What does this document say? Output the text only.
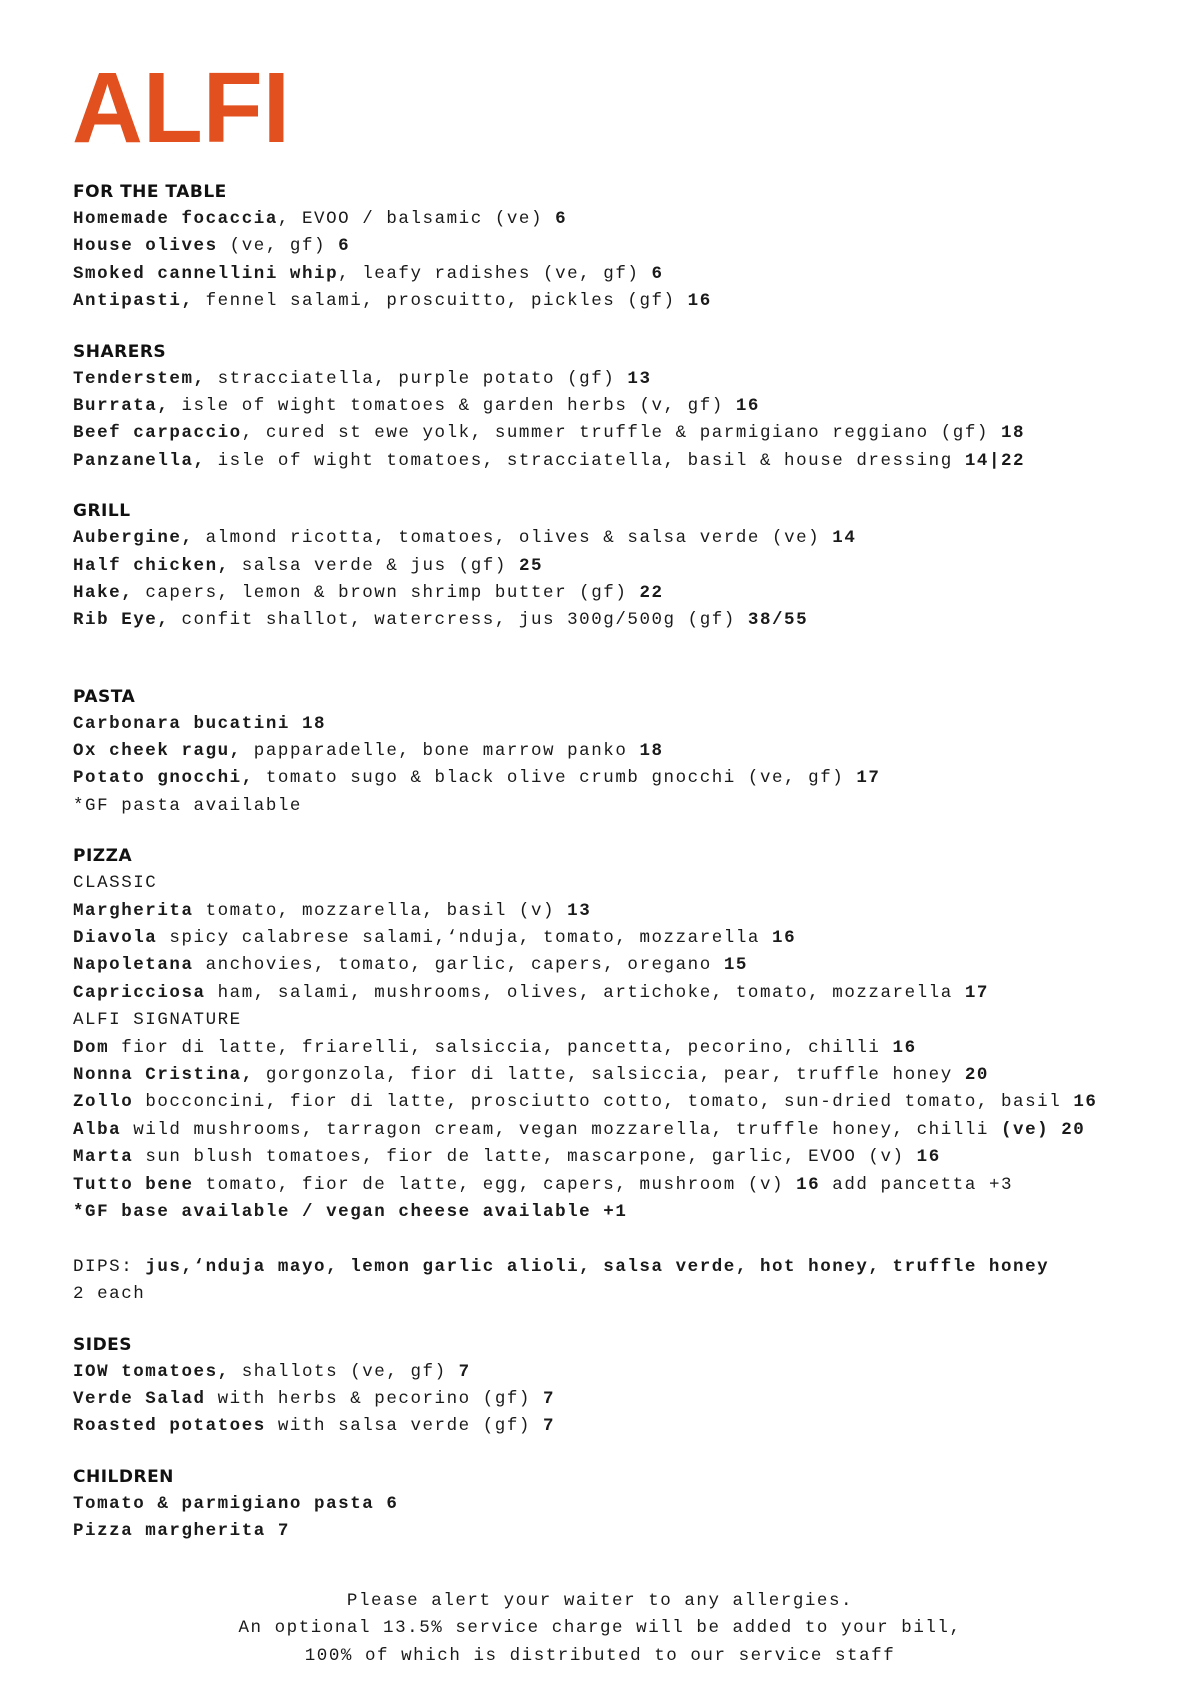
ALFI
FOR THE TABLE
Homemade focaccia, EVOO / balsamic (ve) 6
House olives (ve, gf) 6
Smoked cannellini whip, leafy radishes (ve, gf) 6
Antipasti, fennel salami, proscuitto, pickles (gf) 16
SHARERS
Tenderstem, stracciatella, purple potato (gf) 13
Burrata, isle of wight tomatoes & garden herbs (v, gf) 16
Beef carpaccio, cured st ewe yolk, summer truffle & parmigiano reggiano (gf) 18
Panzanella, isle of wight tomatoes, stracciatella, basil & house dressing 14|22
GRILL
Aubergine, almond ricotta, tomatoes, olives & salsa verde (ve) 14
Half chicken, salsa verde & jus (gf) 25
Hake, capers, lemon & brown shrimp butter (gf) 22
Rib Eye, confit shallot, watercress, jus 300g/500g (gf) 38/55
PASTA
Carbonara bucatini 18
Ox cheek ragu, papparadelle, bone marrow panko 18
Potato gnocchi, tomato sugo & black olive crumb gnocchi (ve, gf) 17
*GF pasta available
PIZZA
CLASSIC
Margherita tomato, mozzarella, basil (v) 13
Diavola spicy calabrese salami,‘nduja, tomato, mozzarella 16
Napoletana anchovies, tomato, garlic, capers, oregano 15
Capricciosa ham, salami, mushrooms, olives, artichoke, tomato, mozzarella 17
ALFI SIGNATURE
Dom fior di latte, friarelli, salsiccia, pancetta, pecorino, chilli 16
Nonna Cristina, gorgonzola, fior di latte, salsiccia, pear, truffle honey 20
Zollo bocconcini, fior di latte, prosciutto cotto, tomato, sun-dried tomato, basil 16
Alba wild mushrooms, tarragon cream, vegan mozzarella, truffle honey, chilli (ve) 20
Marta sun blush tomatoes, fior de latte, mascarpone, garlic, EVOO (v) 16
Tutto bene tomato, fior de latte, egg, capers, mushroom (v) 16 add pancetta +3
*GF base available / vegan cheese available +1
DIPS: jus,‘nduja mayo, lemon garlic alioli, salsa verde, hot honey, truffle honey
2 each
SIDES
IOW tomatoes, shallots (ve, gf) 7
Verde Salad with herbs & pecorino (gf) 7
Roasted potatoes with salsa verde (gf) 7
CHILDREN
Tomato & parmigiano pasta 6
Pizza margherita 7
Please alert your waiter to any allergies.
An optional 13.5% service charge will be added to your bill,
100% of which is distributed to our service staff
